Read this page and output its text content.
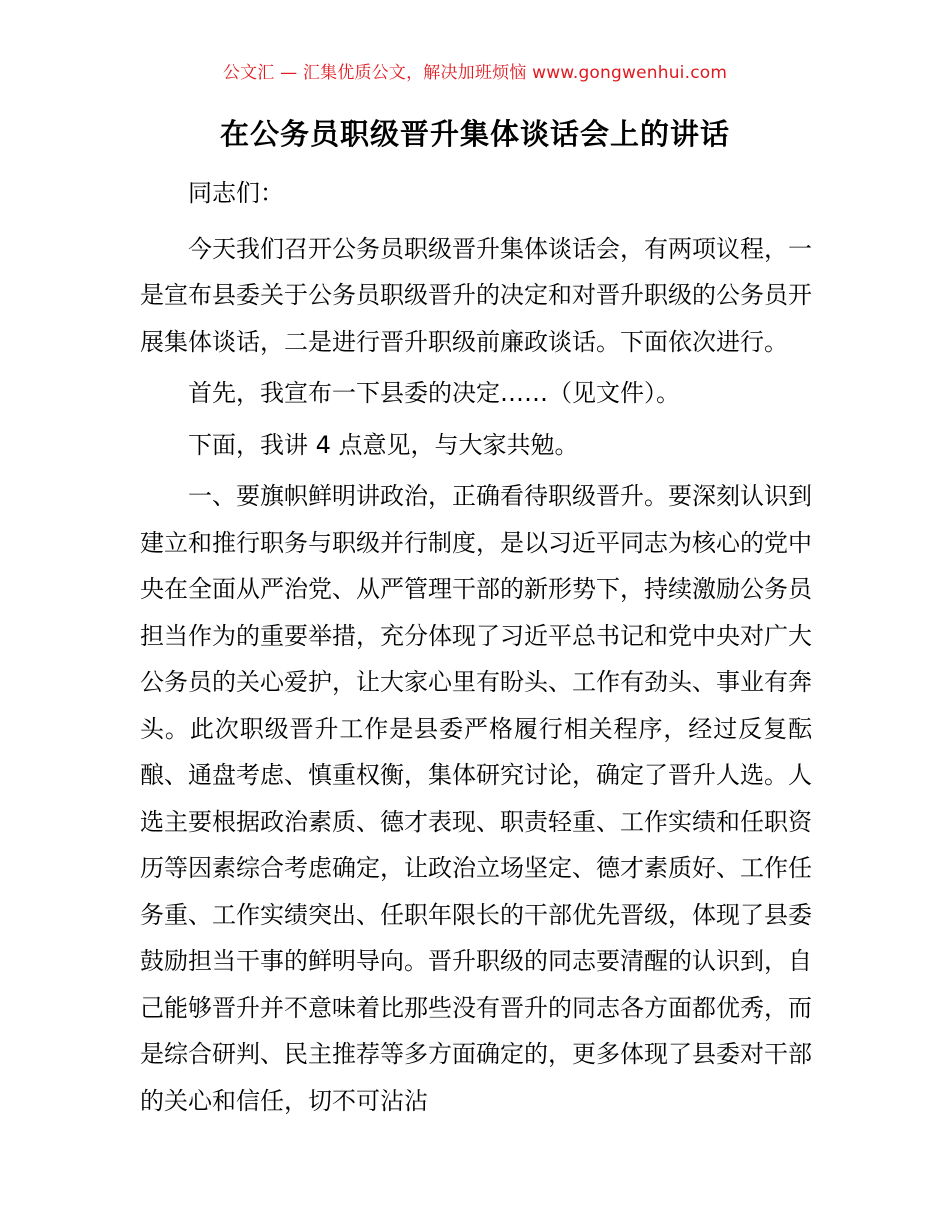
公文汇 — 汇集优质公文，解决加班烦恼 www.gongwenhui.com
在公务员职级晋升集体谈话会上的讲话

同志们：

今天我们召开公务员职级晋升集体谈话会，有两项议程，一是宣布县委关于公务员职级晋升的决定和对晋升职级的公务员开展集体谈话，二是进行晋升职级前廉政谈话。下面依次进行。

首先，我宣布一下县委的决定……（见文件）。

下面，我讲 4 点意见，与大家共勉。

一、要旗帜鲜明讲政治，正确看待职级晋升。要深刻认识到建立和推行职务与职级并行制度，是以习近平同志为核心的党中央在全面从严治党、从严管理干部的新形势下，持续激励公务员担当作为的重要举措，充分体现了习近平总书记和党中央对广大公务员的关心爱护，让大家心里有盼头、工作有劲头、事业有奔头。此次职级晋升工作是县委严格履行相关程序，经过反复酝酿、通盘考虑、慎重权衡，集体研究讨论，确定了晋升人选。人选主要根据政治素质、德才表现、职责轻重、工作实绩和任职资历等因素综合考虑确定，让政治立场坚定、德才素质好、工作任务重、工作实绩突出、任职年限长的干部优先晋级，体现了县委鼓励担当干事的鲜明导向。晋升职级的同志要清醒的认识到，自己能够晋升并不意味着比那些没有晋升的同志各方面都优秀，而是综合研判、民主推荐等多方面确定的，更多体现了县委对干部的关心和信任，切不可沾沾
